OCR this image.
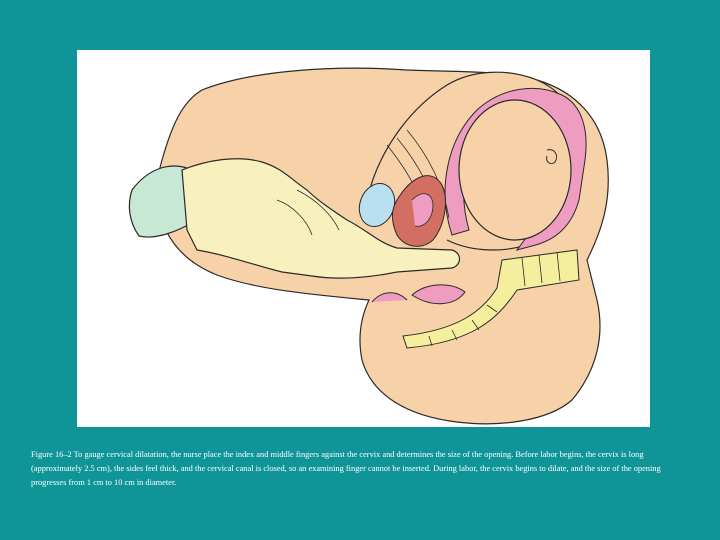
Figure 16–2 To gauge cervical dilatation, the nurse place the index and middle fingers against the cervix and determines the size of the opening. Before labor begins, the cervix is long (approximately 2.5 cm), the sides feel thick, and the cervical canal is closed, so an examining finger cannot be inserted. During labor, the cervix begins to dilate, and the size of the opening progresses from 1 cm to 10 cm in diameter.
